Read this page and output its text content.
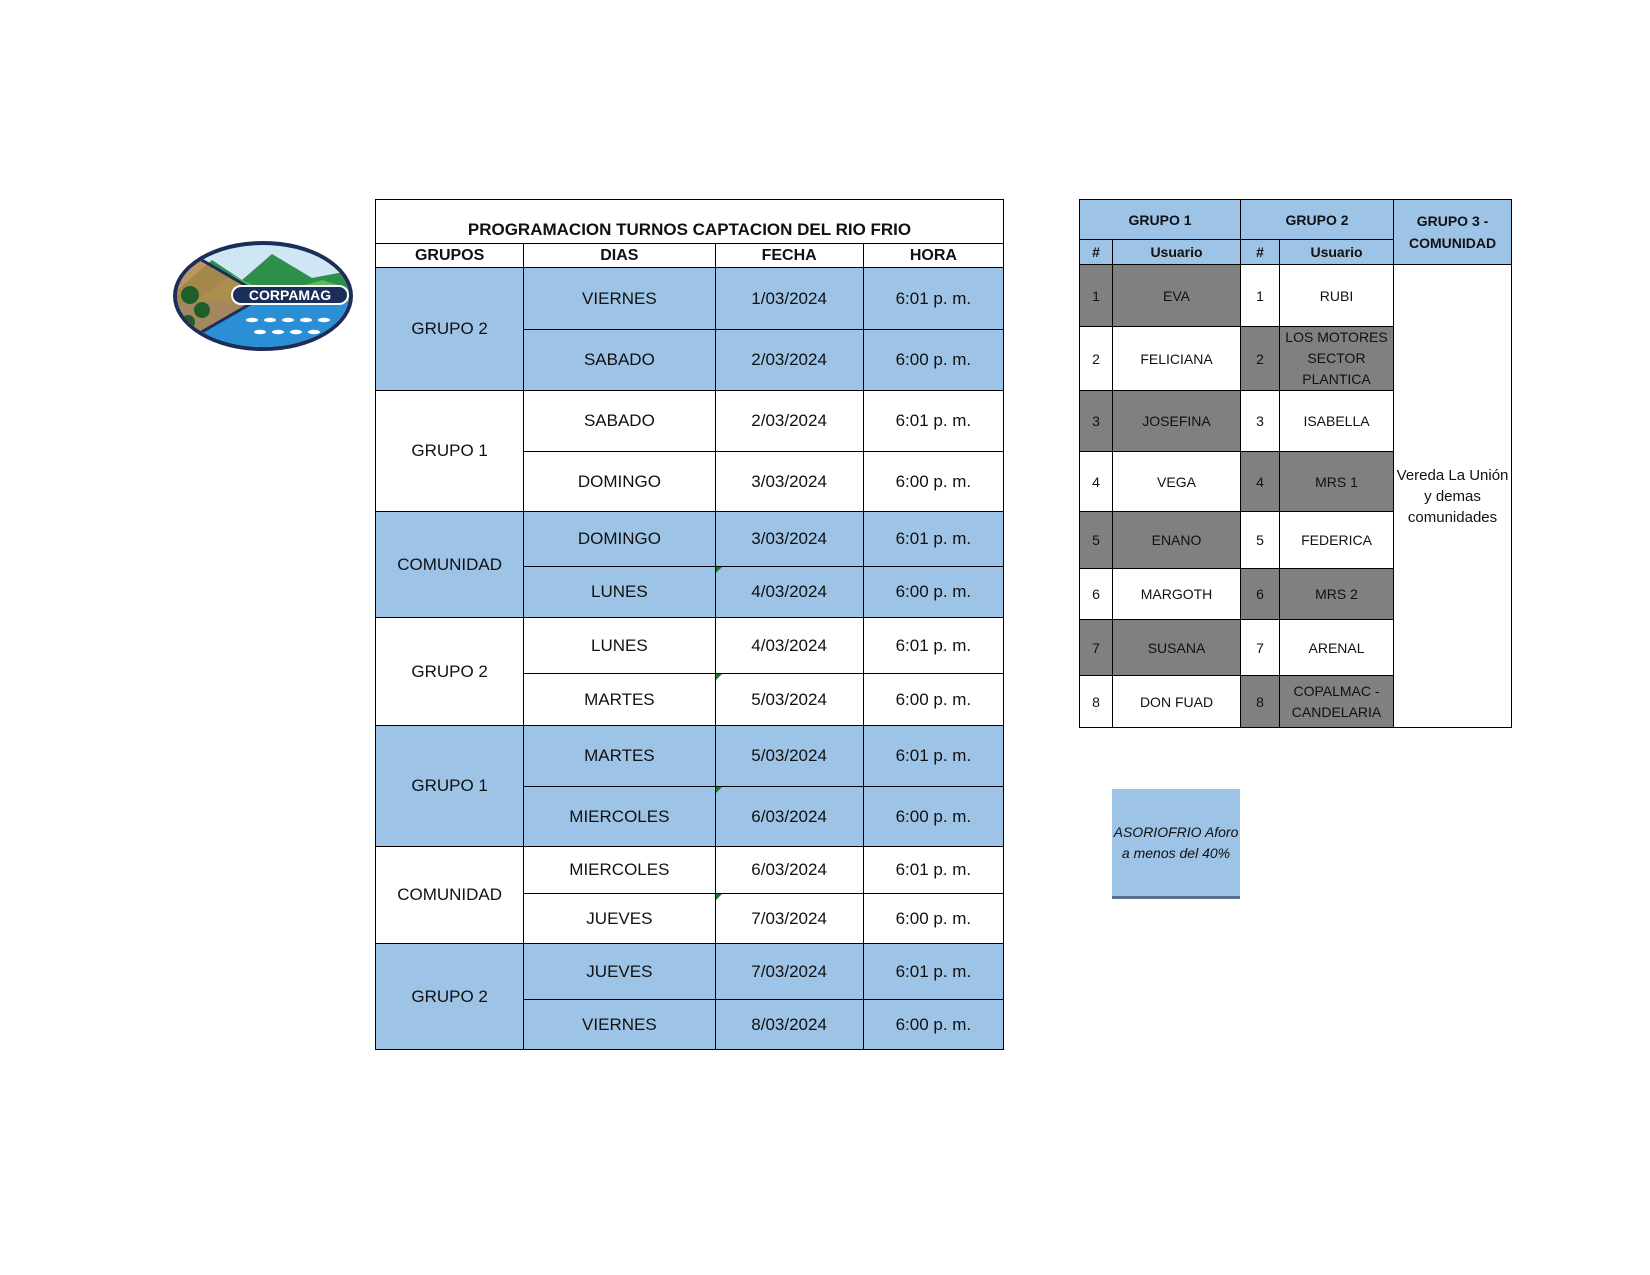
CORPAMAG
PROGRAMACION TURNOS CAPTACION DEL RIO FRIO			
GRUPOS	DIAS	FECHA	HORA
GRUPO 2	VIERNES	1/03/2024	6:01 p. m.
	SABADO	2/03/2024	6:00 p. m.
GRUPO 1	SABADO	2/03/2024	6:01 p. m.
	DOMINGO	3/03/2024	6:00 p. m.
COMUNIDAD	DOMINGO	3/03/2024	6:01 p. m.
	LUNES	4/03/2024	6:00 p. m.
GRUPO 2	LUNES	4/03/2024	6:01 p. m.
	MARTES	5/03/2024	6:00 p. m.
GRUPO 1	MARTES	5/03/2024	6:01 p. m.
	MIERCOLES	6/03/2024	6:00 p. m.
COMUNIDAD	MIERCOLES	6/03/2024	6:01 p. m.
	JUEVES	7/03/2024	6:00 p. m.
GRUPO 2	JUEVES	7/03/2024	6:01 p. m.
	VIERNES	8/03/2024	6:00 p. m.
GRUPO 1		GRUPO 2		GRUPO 3 - COMUNIDAD
#	Usuario	#	Usuario	
1	EVA	1	RUBI	Vereda La Unión y demas comunidades
2	FELICIANA	2	LOS MOTORES SECTOR PLANTICA	
3	JOSEFINA	3	ISABELLA	
4	VEGA	4	MRS 1	
5	ENANO	5	FEDERICA	
6	MARGOTH	6	MRS 2	
7	SUSANA	7	ARENAL	
8	DON FUAD	8	COPALMAC - CANDELARIA	
ASORIOFRIO Aforo a menos del 40%
